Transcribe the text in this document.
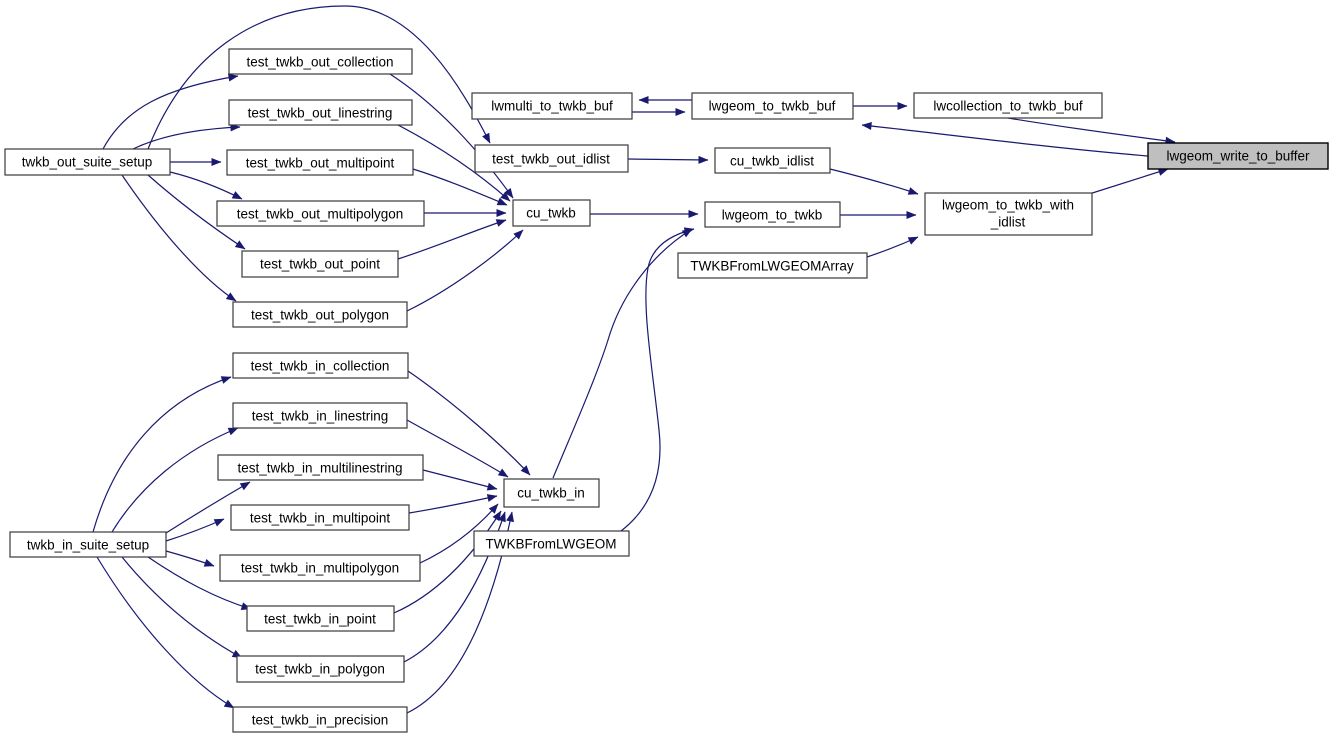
twkb_out_suite_setup
test_twkb_out_collection
test_twkb_out_linestring
test_twkb_out_multipoint
test_twkb_out_multipolygon
test_twkb_out_point
test_twkb_out_polygon
test_twkb_out_idlist
cu_twkb
lwmulti_to_twkb_buf	lwgeom_to_twkb_buf
cu_twkb_idlist
lwgeom_to_twkb
TWKBFromLWGEOMArray
lwcollection_to_twkb_buf
lwgeom_write_to_buffer
lwgeom_to_twkb_with
_idlist
twkb_in_suite_setup
test_twkb_in_collection
test_twkb_in_linestring
test_twkb_in_multilinestring
test_twkb_in_multipoint
test_twkb_in_multipolygon
test_twkb_in_point
test_twkb_in_polygon
test_twkb_in_precision
cu_twkb_in
TWKBFromLWGEOM
